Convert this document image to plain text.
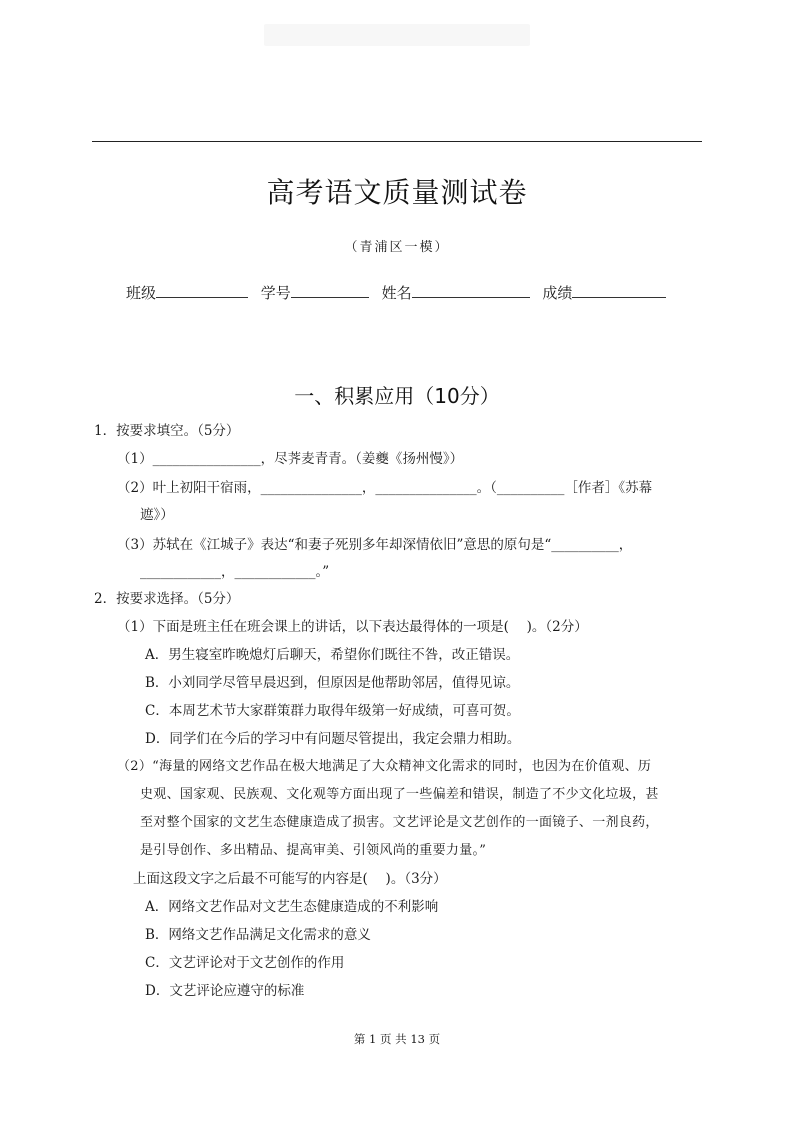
高考语文质量测试卷
（青浦区一模）
班级	学号	姓名	成绩
一、积累应用（10分）
1．按要求填空。（5分）
（1）________________，尽荠麦青青。（姜夔《扬州慢》）
（2）叶上初阳干宿雨，_______________，_______________。（__________［作者］《苏幕
遮》）
（3）苏轼在《江城子》表达“和妻子死别多年却深情依旧”意思的原句是“__________，
____________，____________。”
2．按要求选择。（5分）
（1）下面是班主任在班会课上的讲话，以下表达最得体的一项是(　 )。（2分）
A．男生寝室昨晚熄灯后聊天，希望你们既往不咎，改正错误。
B．小刘同学尽管早晨迟到，但原因是他帮助邻居，值得见谅。
C．本周艺术节大家群策群力取得年级第一好成绩，可喜可贺。
D．同学们在今后的学习中有问题尽管提出，我定会鼎力相助。
（2）“海量的网络文艺作品在极大地满足了大众精神文化需求的同时，也因为在价值观、历
史观、国家观、民族观、文化观等方面出现了一些偏差和错误，制造了不少文化垃圾，甚
至对整个国家的文艺生态健康造成了损害。文艺评论是文艺创作的一面镜子、一剂良药，
是引导创作、多出精品、提高审美、引领风尚的重要力量。”
上面这段文字之后最不可能写的内容是(　 )。（3分）
A．网络文艺作品对文艺生态健康造成的不利影响
B．网络文艺作品满足文化需求的意义
C．文艺评论对于文艺创作的作用
D．文艺评论应遵守的标准
第 1 页 共 13 页
